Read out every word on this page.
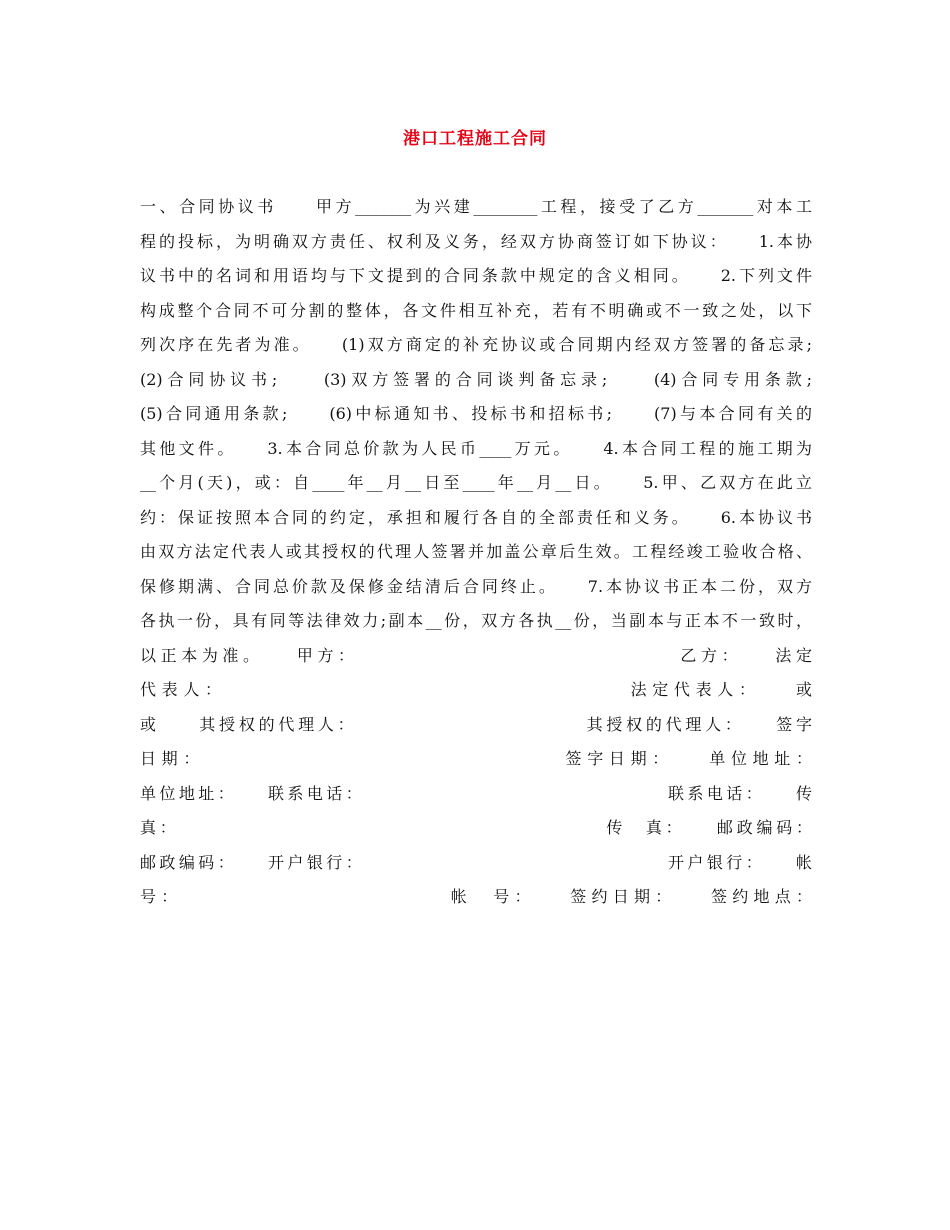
港口工程施工合同
一、合同协议书　　甲方_______为兴建________工程，接受了乙方_______对本工
程的投标，为明确双方责任、权利及义务，经双方协商签订如下协议：　　1.本协
议书中的名词和用语均与下文提到的合同条款中规定的含义相同。　　2.下列文件
构成整个合同不可分割的整体，各文件相互补充，若有不明确或不一致之处，以下
列次序在先者为准。　　(1)双方商定的补充协议或合同期内经双方签署的备忘录;
(2)合同协议书;　　(3)双方签署的合同谈判备忘录;　　(4)合同专用条款;
(5)合同通用条款;　　(6)中标通知书、投标书和招标书;　　(7)与本合同有关的
其他文件。　　3.本合同总价款为人民币____万元。　　4.本合同工程的施工期为
__个月(天)，或：自____年__月__日至____年__月__日。　　5.甲、乙双方在此立
约：保证按照本合同的约定，承担和履行各自的全部责任和义务。　　6.本协议书
由双方法定代表人或其授权的代理人签署并加盖公章后生效。工程经竣工验收合格、
保修期满、合同总价款及保修金结清后合同终止。　　7.本协议书正本二份，双方
各执一份，具有同等法律效力;副本__份，双方各执__份，当副本与正本不一致时，
以正本为准。　　甲方：　　　　　　　　　　　　　　　　乙方：　　法定
代表人：　　　　　　　　　　　　　　　　　　　法定代表人：　　或
或　　其授权的代理人：　　　　　　　　　　　　其授权的代理人：　　签字
日期：　　　　　　　　　　　　　　　　　签字日期：　　单位地址：
单位地址：　　联系电话：　　　　　　　　　　　　　　　　联系电话：　　传
真：　　　　　　　　　　　　　　　　　　　　　　传　真：　　邮政编码：
邮政编码：　　开户银行：　　　　　　　　　　　　　　　　开户银行：　　帐
号：　　　　　　　　　　　　　帐　号：　　签约日期：　　签约地点：
